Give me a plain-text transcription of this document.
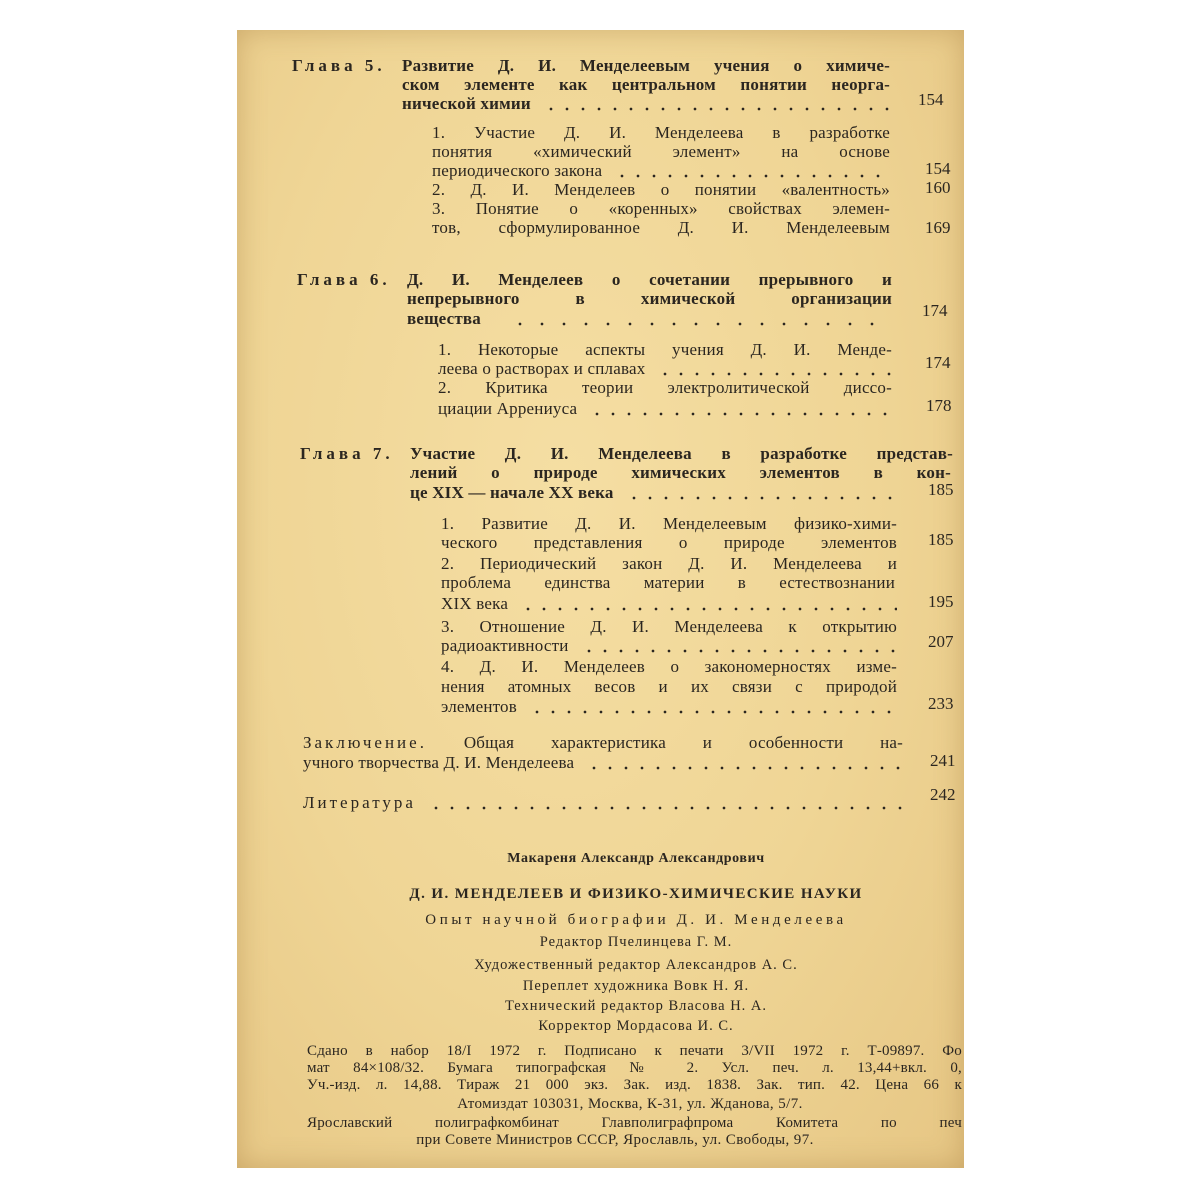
Глава 5. Развитие Д. И. Менделеевым учения о химиче-
ском элементе как центральном понятии неорга-
нической химии	154
1. Участие Д. И. Менделеева в разработке
понятия «химический элемент» на основе
периодического закона	154
2. Д. И. Менделеев о понятии «валентность» 160
3. Понятие о «коренных» свойствах элемен-
тов, сформулированное Д. И. Менделеевым 169
Глава 6. Д. И. Менделеев о сочетании прерывного и
непрерывного в химической организации
вещества	174
1. Некоторые аспекты учения Д. И. Менде-
леева о растворах и сплавах	174
2. Критика теории электролитической диссо-
циации Аррениуса	178
Глава 7. Участие Д. И. Менделеева в разработке представ-
лений о природе химических элементов в кон-
це XIX — начале XX века	185
1. Развитие Д. И. Менделеевым физико-хими-
ческого представления о природе элементов 185
2. Периодический закон Д. И. Менделеева и
проблема единства материи в естествознании
XIX века	195
3. Отношение Д. И. Менделеева к открытию
радиоактивности	207
4. Д. И. Менделеев о закономерностях изме-
нения атомных весов и их связи с природой
элементов	233
Заключение. Общая характеристика и особенности на-
учного творчества Д. И. Менделеева	241
Литература	242
Макареня Александр Александрович
Д. И. МЕНДЕЛЕЕВ И ФИЗИКО-ХИМИЧЕСКИЕ НАУКИ
Опыт научной биографии Д. И. Менделеева
Редактор Пчелинцева Г. М.
Художественный редактор Александров А. С.
Переплет художника Вовк Н. Я.
Технический редактор Власова Н. А.
Корректор Мордасова И. С.
Сдано в набор 18/I 1972 г. Подписано к печати 3/VII 1972 г. Т-09897. Фо
мат 84×108/32. Бумага типографская № 2. Усл. печ. л. 13,44+вкл. 0,
Уч.-изд. л. 14,88. Тираж 21 000 экз. Зак. изд. 1838. Зак. тип. 42. Цена 66 к
Атомиздат 103031, Москва, К-31, ул. Жданова, 5/7.
Ярославский полиграфкомбинат Главполиграфпрома Комитета по печ
при Совете Министров СССР, Ярославль, ул. Свободы, 97.
